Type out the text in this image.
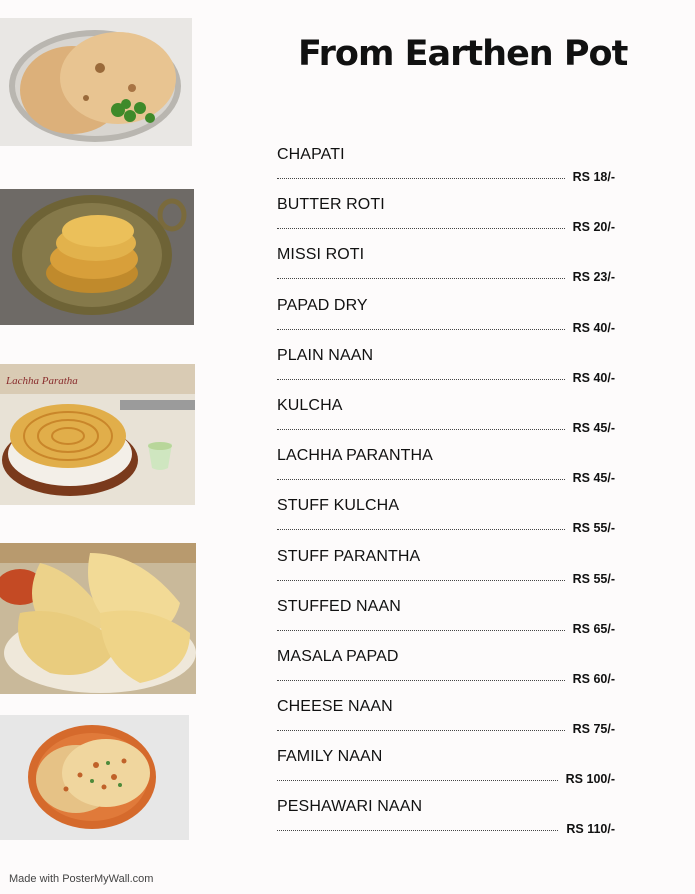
Lachha Paratha
From Earthen Pot
CHAPATI
RS 18/-
BUTTER ROTI
RS 20/-
MISSI ROTI
RS 23/-
PAPAD DRY
RS 40/-
PLAIN NAAN
RS 40/-
KULCHA
RS 45/-
LACHHA PARANTHA
RS 45/-
STUFF KULCHA
RS 55/-
STUFF PARANTHA
RS 55/-
STUFFED NAAN
RS 65/-
MASALA PAPAD
RS 60/-
CHEESE NAAN
RS 75/-
FAMILY NAAN
RS 100/-
PESHAWARI NAAN
RS 110/-
Made with PosterMyWall.com
